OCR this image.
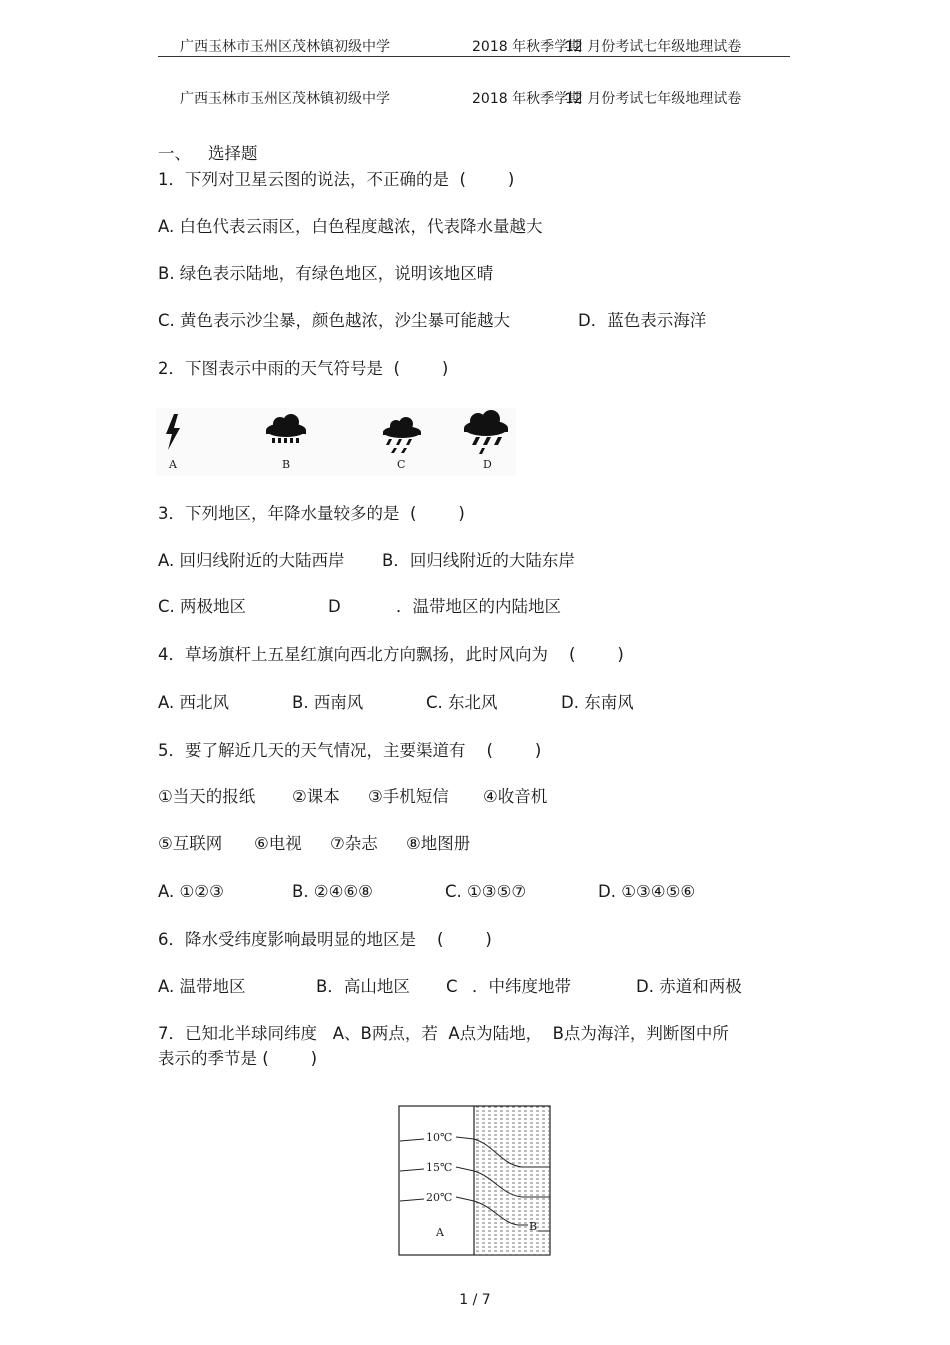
广西玉林市玉州区茂林镇初级中学

	2018 年秋季学期

12 月份考试七年级地理试卷

广西玉林市玉州区茂林镇初级中学

	2018 年秋季学期

12 月份考试七年级地理试卷

一、

选择题

1．下列对卫星云图的说法，不正确的是  (        )
A. 白色代表云雨区，白色程度越浓，代表降水量越大
B. 绿色表示陆地，有绿色地区，说明该地区晴

C. 黄色表示沙尘暴，颜色越浓，沙尘暴可能越大

	D．蓝色表示海洋

2．下图表示中雨的天气符号是  (        )
A	B	C	D
3．下列地区，年降水量较多的是  (        )

A. 回归线附近的大陆西岸

B．回归线附近的大陆东岸

C. 两极地区

	D

	．温带地区的内陆地区

4．草场旗杆上五星红旗向西北方向飘扬，此时风向为    (        )

A. 西北风

	B. 西南风

	C. 东北风

	D. 东南风

5．要了解近几天的天气情况，主要渠道有    (        )

①当天的报纸

②课本

③手机短信

④收音机

⑤互联网

⑥电视

⑦杂志

⑧地图册

A. ①②③

	B. ②④⑥⑧

	C. ①③⑤⑦

	D. ①③④⑤⑥

6．降水受纬度影响最明显的地区是    (        )

A. 温带地区

	B．高山地区

C

．中纬度地带

	D. 赤道和两极

7．已知北半球同纬度   A、B两点，若  A点为陆地，  B点为海洋，判断图中所
表示的季节是 (        )
10℃
15℃
20℃
A	B
1 / 7
